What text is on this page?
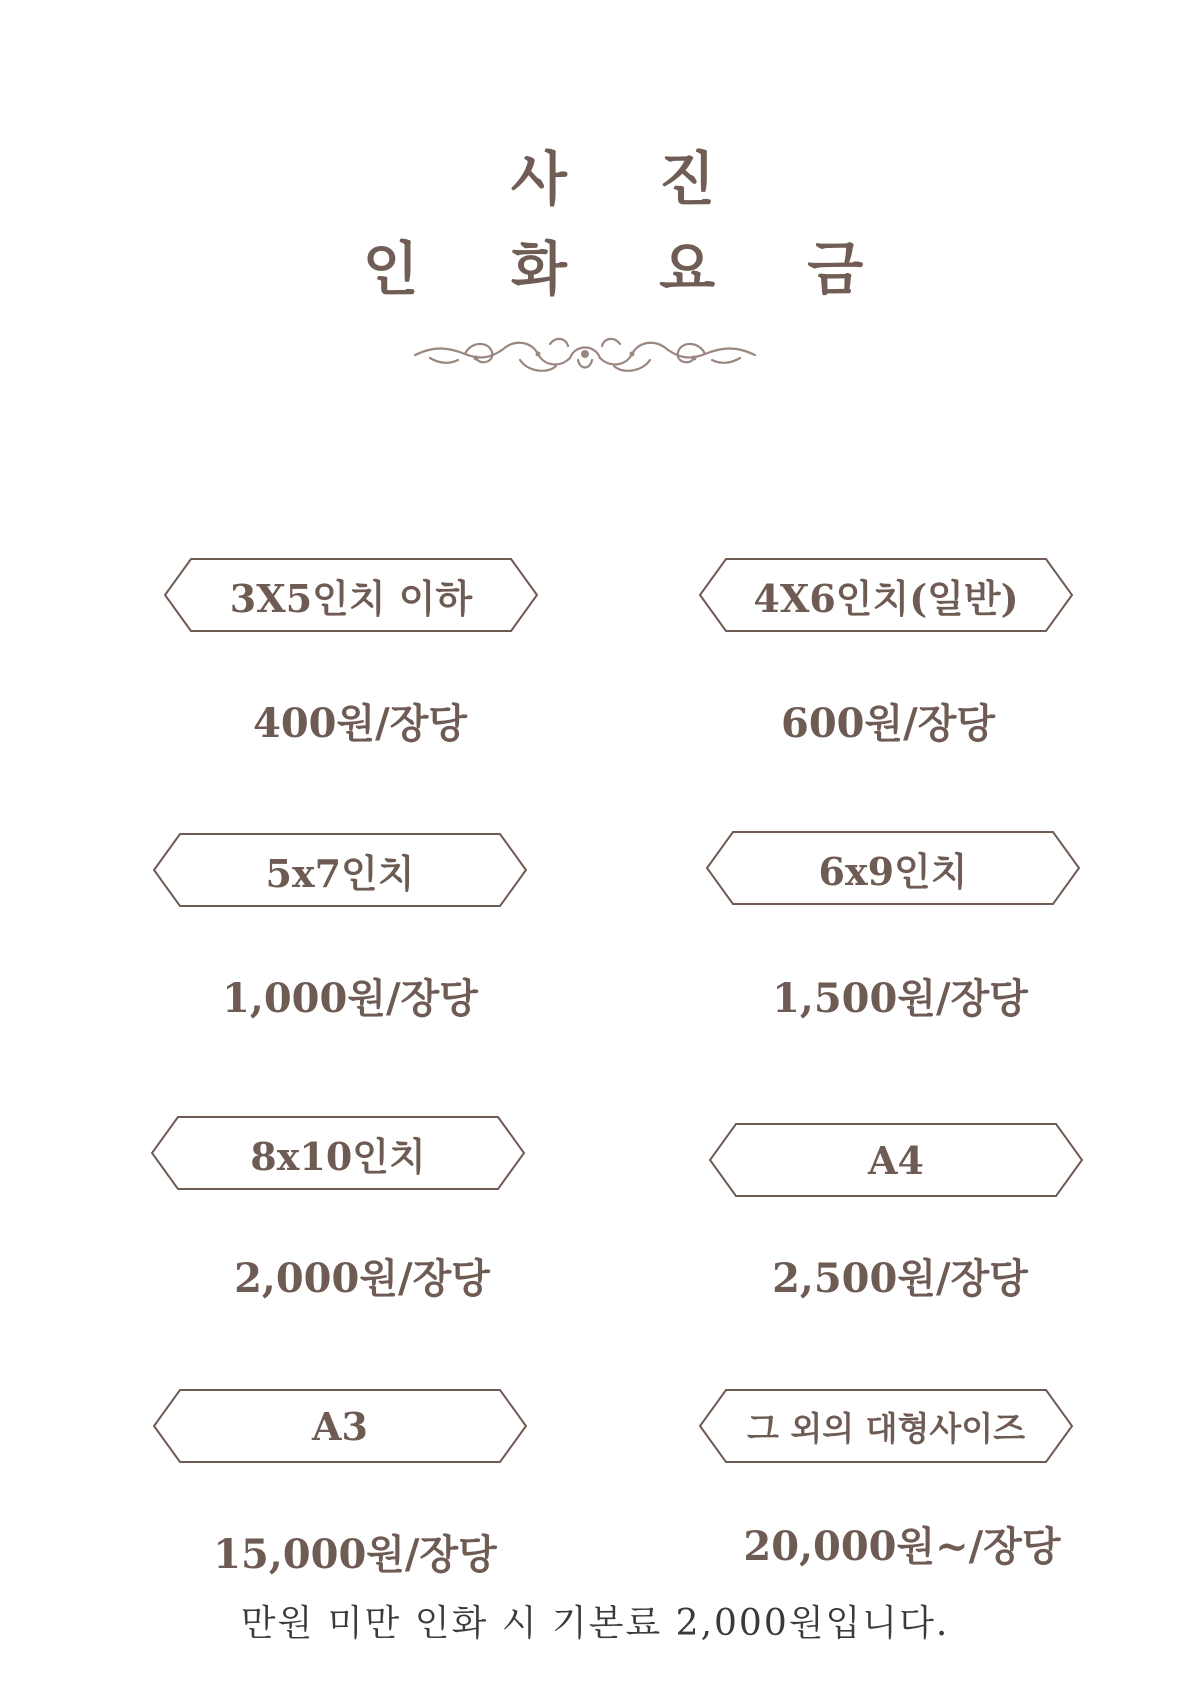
사 진
인 화 요 금
3X5인치 이하
400원/장당
4X6인치(일반)
600원/장당
5x7인치
1,000원/장당
6x9인치
1,500원/장당
8x10인치
2,000원/장당
A4
2,500원/장당
A3
15,000원/장당
그 외의 대형사이즈
20,000원~/장당
만원 미만 인화 시 기본료 2,000원입니다.
